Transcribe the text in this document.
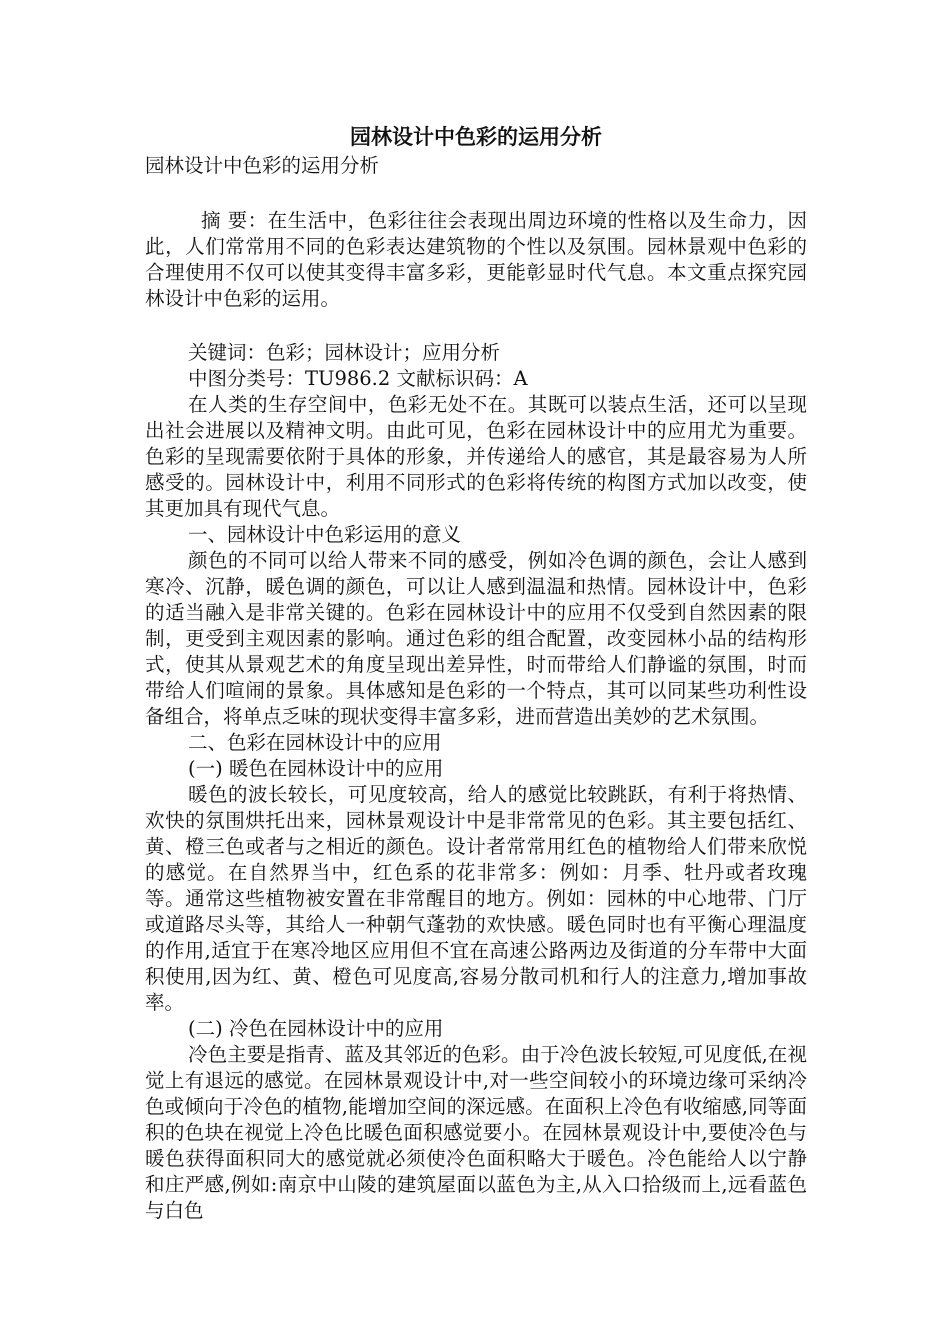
园林设计中色彩的运用分析
园林设计中色彩的运用分析

摘 要：在生活中，色彩往往会表现出周边环境的性格以及生命力，因此，人们常常用不同的色彩表达建筑物的个性以及氛围。园林景观中色彩的合理使用不仅可以使其变得丰富多彩，更能彰显时代气息。本文重点探究园林设计中色彩的运用。

关键词：色彩；园林设计；应用分析

中图分类号：TU986.2 文献标识码：A

在人类的生存空间中，色彩无处不在。其既可以装点生活，还可以呈现出社会进展以及精神文明。由此可见，色彩在园林设计中的应用尤为重要。色彩的呈现需要依附于具体的形象，并传递给人的感官，其是最容易为人所感受的。园林设计中，利用不同形式的色彩将传统的构图方式加以改变，使其更加具有现代气息。

一、园林设计中色彩运用的意义

颜色的不同可以给人带来不同的感受，例如冷色调的颜色，会让人感到寒冷、沉静，暖色调的颜色，可以让人感到温温和热情。园林设计中，色彩的适当融入是非常关键的。色彩在园林设计中的应用不仅受到自然因素的限制，更受到主观因素的影响。通过色彩的组合配置，改变园林小品的结构形式，使其从景观艺术的角度呈现出差异性，时而带给人们静谧的氛围，时而带给人们喧闹的景象。具体感知是色彩的一个特点，其可以同某些功利性设备组合，将单点乏味的现状变得丰富多彩，进而营造出美妙的艺术氛围。

二、色彩在园林设计中的应用

(一) 暖色在园林设计中的应用

暖色的波长较长，可见度较高，给人的感觉比较跳跃，有利于将热情、欢快的氛围烘托出来，园林景观设计中是非常常见的色彩。其主要包括红、黄、橙三色或者与之相近的颜色。设计者常常用红色的植物给人们带来欣悦的感觉。在自然界当中，红色系的花非常多：例如：月季、牡丹或者玫瑰等。通常这些植物被安置在非常醒目的地方。例如：园林的中心地带、门厅或道路尽头等，其给人一种朝气蓬勃的欢快感。暖色同时也有平衡心理温度的作用,适宜于在寒冷地区应用但不宜在高速公路两边及街道的分车带中大面积使用,因为红、黄、橙色可见度高,容易分散司机和行人的注意力,增加事故率。

(二) 冷色在园林设计中的应用

冷色主要是指青、蓝及其邻近的色彩。由于冷色波长较短,可见度低,在视觉上有退远的感觉。在园林景观设计中,对一些空间较小的环境边缘可采纳冷色或倾向于冷色的植物,能增加空间的深远感。在面积上冷色有收缩感,同等面积的色块在视觉上冷色比暖色面积感觉要小。在园林景观设计中,要使冷色与暖色获得面积同大的感觉就必须使冷色面积略大于暖色。冷色能给人以宁静和庄严感,例如:南京中山陵的建筑屋面以蓝色为主,从入口拾级而上,远看蓝色与白色
